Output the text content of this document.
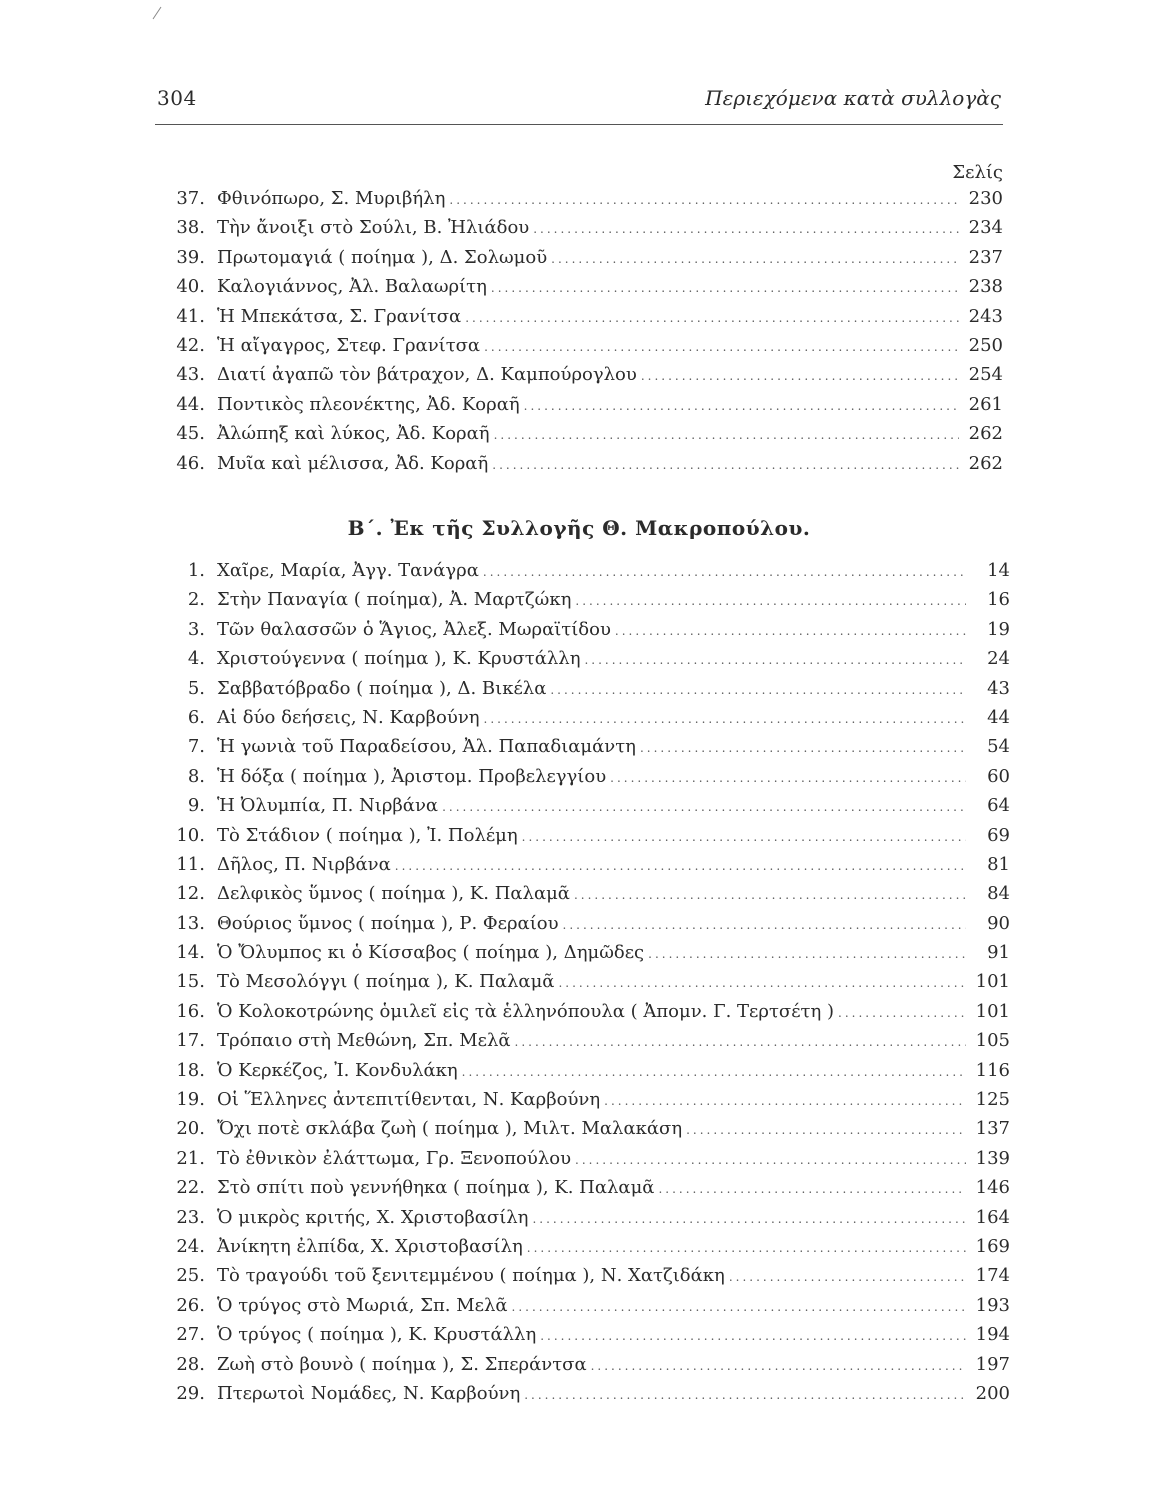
304	Περιεχόμενα κατὰ συλλογὰς
Σελίς
37. Φθινόπωρο, Σ. Μυριβήλη .....	230
38. Τὴν ἄνοιξι στὸ Σούλι, Β. Ἠλιάδου .....	234
39. Πρωτομαγιά ( ποίημα ), Δ. Σολωμοῦ .....	237
40. Καλογιάννος, Ἀλ. Βαλαωρίτη .....	238
41. Ἡ Μπεκάτσα, Σ. Γρανίτσα .....	243
42. Ἡ αἴγαγρος, Στεφ. Γρανίτσα .....	250
43. Διατί ἀγαπῶ τὸν βάτραχον, Δ. Καμπούρογλου .....	254
44. Ποντικὸς πλεονέκτης, Ἀδ. Κοραῆ .....	261
45. Ἀλώπηξ καὶ λύκος, Ἀδ. Κοραῆ .....	262
46. Μυῖα καὶ μέλισσα, Ἀδ. Κοραῆ .....	262
Β΄. Ἐκ τῆς Συλλογῆς Θ. Μακροπούλου.
1. Χαῖρε, Μαρία, Ἀγγ. Τανάγρα .....	14
2. Στὴν Παναγία ( ποίημα), Ἀ. Μαρτζώκη .....	16
3. Τῶν θαλασσῶν ὁ Ἅγιος, Ἀλεξ. Μωραϊτίδου .....	19
4. Χριστούγεννα ( ποίημα ), Κ. Κρυστάλλη .....	24
5. Σαββατόβραδο ( ποίημα ), Δ. Βικέλα .....	43
6. Αἱ δύο δεήσεις, Ν. Καρβούνη .....	44
7. Ἡ γωνιὰ τοῦ Παραδείσου, Ἀλ. Παπαδιαμάντη .....	54
8. Ἡ δόξα ( ποίημα ), Ἀριστομ. Προβελεγγίου .....	60
9. Ἡ Ὀλυμπία, Π. Νιρβάνα .....	64
10. Τὸ Στάδιον ( ποίημα ), Ἰ. Πολέμη .....	69
11. Δῆλος, Π. Νιρβάνα .....	81
12. Δελφικὸς ὕμνος ( ποίημα ), Κ. Παλαμᾶ .....	84
13. Θούριος ὕμνος ( ποίημα ), Ρ. Φεραίου .....	90
14. Ὁ Ὄλυμπος κι ὁ Κίσσαβος ( ποίημα ), Δημῶδες .....	91
15. Τὸ Μεσολόγγι ( ποίημα ), Κ. Παλαμᾶ .....	101
16. Ὁ Κολοκοτρώνης ὁμιλεῖ εἰς τὰ ἑλληνόπουλα ( Ἀπομν. Γ. Τερτσέτη ) .....	101
17. Τρόπαιο στὴ Μεθώνη, Σπ. Μελᾶ .....	105
18. Ὁ Κερκέζος, Ἰ. Κονδυλάκη .....	116
19. Οἱ Ἕλληνες ἀντεπιτίθενται, Ν. Καρβούνη .....	125
20. Ὄχι ποτὲ σκλάβα ζωὴ ( ποίημα ), Μιλτ. Μαλακάση .....	137
21. Τὸ ἐθνικὸν ἐλάττωμα, Γρ. Ξενοπούλου .....	139
22. Στὸ σπίτι ποὺ γεννήθηκα ( ποίημα ), Κ. Παλαμᾶ .....	146
23. Ὁ μικρὸς κριτής, Χ. Χριστοβασίλη .....	164
24. Ἀνίκητη ἐλπίδα, Χ. Χριστοβασίλη .....	169
25. Τὸ τραγούδι τοῦ ξενιτεμμένου ( ποίημα ), Ν. Χατζιδάκη .....	174
26. Ὁ τρύγος στὸ Μωριά, Σπ. Μελᾶ .....	193
27. Ὁ τρύγος ( ποίημα ), Κ. Κρυστάλλη .....	194
28. Ζωὴ στὸ βουνὸ ( ποίημα ), Σ. Σπεράντσα .....	197
29. Πτερωτοὶ Νομάδες, Ν. Καρβούνη .....	200
